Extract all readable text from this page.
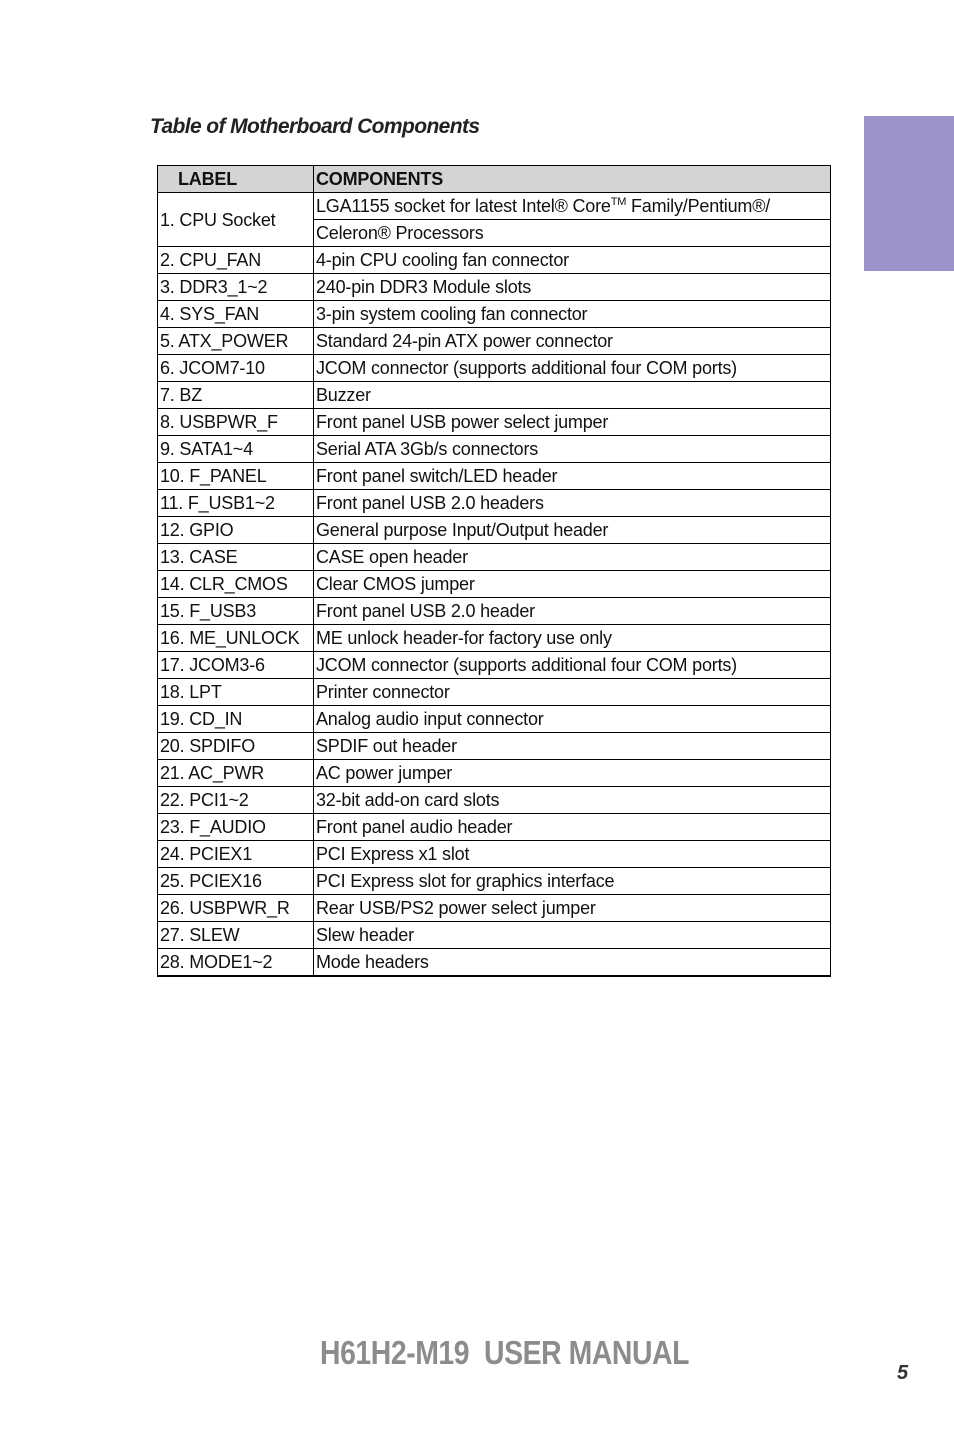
Table of Motherboard Components
LABEL	COMPONENTS
1. CPU Socket	LGA1155 socket for latest Intel® Core™ Family/Pentium®/
	Celeron® Processors
2. CPU_FAN	4-pin CPU cooling fan connector
3. DDR3_1~2	240-pin DDR3 Module slots
4. SYS_FAN	3-pin system cooling fan connector
5. ATX_POWER	Standard 24-pin ATX power connector
6. JCOM7-10	JCOM connector (supports additional four COM ports)
7. BZ	Buzzer
8. USBPWR_F	Front panel USB power select jumper
9. SATA1~4	Serial ATA 3Gb/s connectors
10. F_PANEL	Front panel switch/LED header
11. F_USB1~2	Front panel USB 2.0 headers
12. GPIO	General purpose Input/Output header
13. CASE	CASE open header
14. CLR_CMOS	Clear CMOS jumper
15. F_USB3	Front panel USB 2.0 header
16. ME_UNLOCK	ME unlock header-for factory use only
17. JCOM3-6	JCOM connector (supports additional four COM ports)
18. LPT	Printer connector
19. CD_IN	Analog audio input connector
20. SPDIFO	SPDIF out header
21. AC_PWR	AC power jumper
22. PCI1~2	32-bit add-on card slots
23. F_AUDIO	Front panel audio header
24. PCIEX1	PCI Express x1 slot
25. PCIEX16	PCI Express slot for graphics interface
26. USBPWR_R	Rear USB/PS2 power select jumper
27. SLEW	Slew header
28. MODE1~2	Mode headers
H61H2-M19  USER MANUAL
5
